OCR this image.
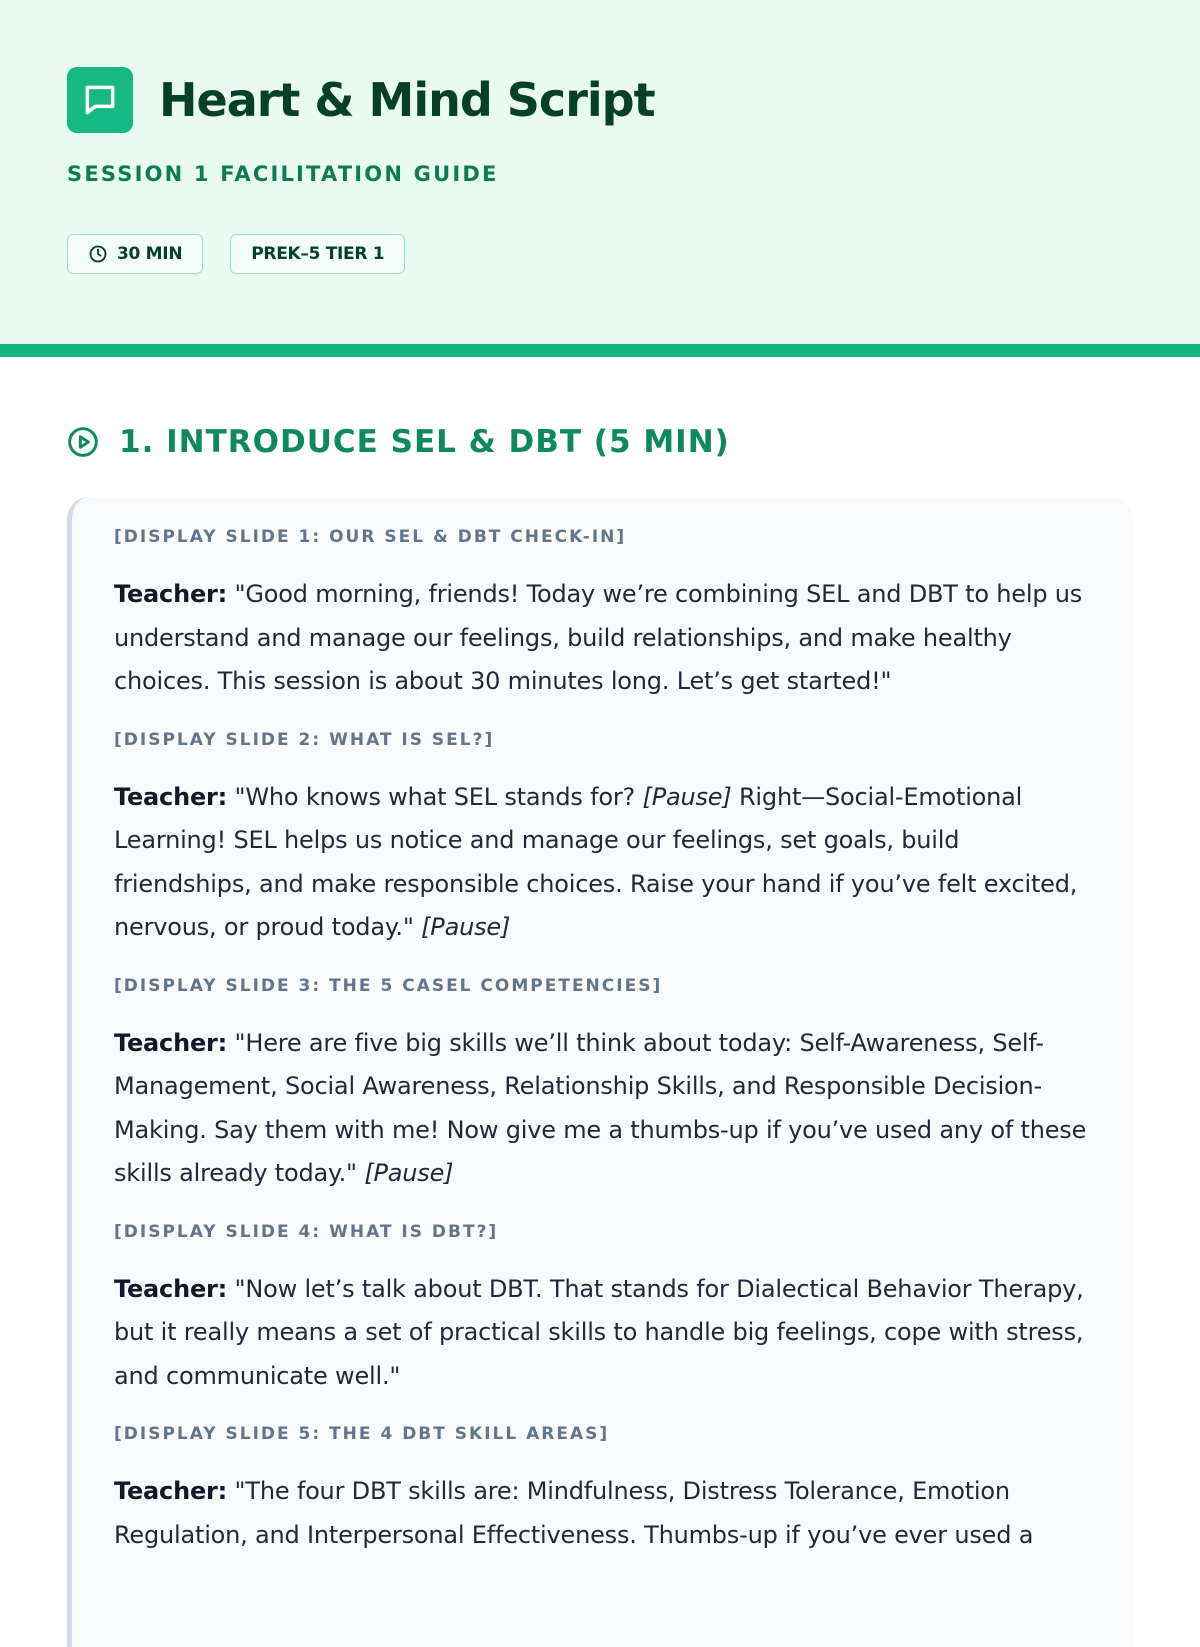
Heart & Mind Script
SESSION 1 FACILITATION GUIDE
30 MIN	PREK–5 TIER 1
1. INTRODUCE SEL & DBT (5 MIN)

[DISPLAY SLIDE 1: OUR SEL & DBT CHECK-IN]

Teacher: "Good morning, friends! Today we’re combining SEL and DBT to help us understand and manage our feelings, build relationships, and make healthy choices. This session is about 30 minutes long. Let’s get started!"

[DISPLAY SLIDE 2: WHAT IS SEL?]

Teacher: "Who knows what SEL stands for? [Pause] Right—Social-Emotional Learning! SEL helps us notice and manage our feelings, set goals, build friendships, and make responsible choices. Raise your hand if you’ve felt excited, nervous, or proud today." [Pause]

[DISPLAY SLIDE 3: THE 5 CASEL COMPETENCIES]

Teacher: "Here are five big skills we’ll think about today: Self-Awareness, Self-Management, Social Awareness, Relationship Skills, and Responsible Decision-Making. Say them with me! Now give me a thumbs-up if you’ve used any of these skills already today." [Pause]

[DISPLAY SLIDE 4: WHAT IS DBT?]

Teacher: "Now let’s talk about DBT. That stands for Dialectical Behavior Therapy, but it really means a set of practical skills to handle big feelings, cope with stress, and communicate well."

[DISPLAY SLIDE 5: THE 4 DBT SKILL AREAS]

Teacher: "The four DBT skills are: Mindfulness, Distress Tolerance, Emotion Regulation, and Interpersonal Effectiveness. Thumbs-up if you’ve ever used a
